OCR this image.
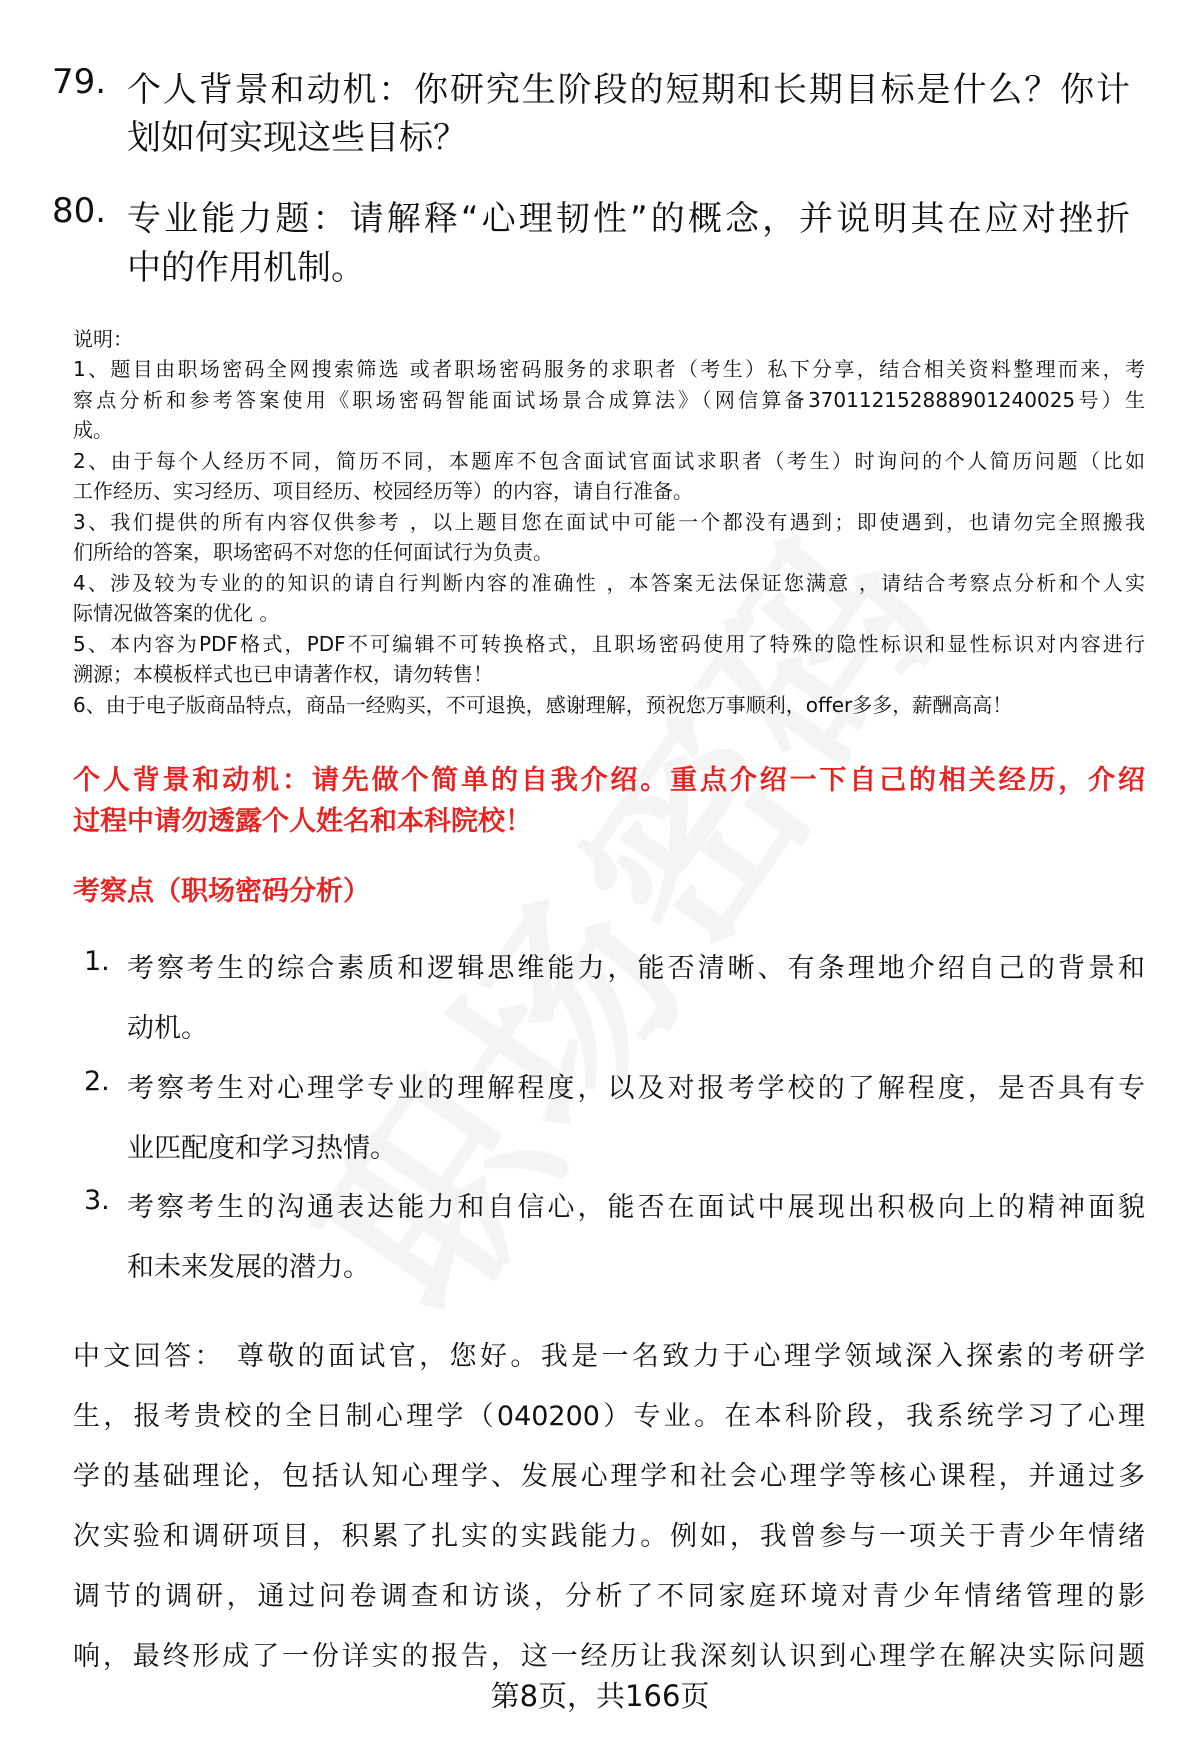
79. 个人背景和动机：你研究生阶段的短期和长期目标是什么？你计
划如何实现这些目标？
80. 专业能力题：请解释“心理韧性”的概念，并说明其在应对挫折
中的作用机制。
说明：
1、题目由职场密码全网搜索筛选 或者职场密码服务的求职者（考生）私下分享，结合相关资料整理而来，考
察点分析和参考答案使用《职场密码智能面试场景合成算法》（网信算备370112152888901240025号）生
成。
2、由于每个人经历不同，简历不同，本题库不包含面试官面试求职者（考生）时询问的个人简历问题（比如
工作经历、实习经历、项目经历、校园经历等）的内容，请自行准备。
3、我们提供的所有内容仅供参考 ，以上题目您在面试中可能一个都没有遇到；即使遇到，也请勿完全照搬我
们所给的答案，职场密码不对您的任何面试行为负责。
4、涉及较为专业的的知识的请自行判断内容的准确性 ，本答案无法保证您满意 ，请结合考察点分析和个人实
际情况做答案的优化 。
5、本内容为PDF格式，PDF不可编辑不可转换格式，且职场密码使用了特殊的隐性标识和显性标识对内容进行
溯源；本模板样式也已申请著作权，请勿转售！
6、由于电子版商品特点，商品一经购买，不可退换，感谢理解，预祝您万事顺利，offer多多，薪酬高高！
个人背景和动机：请先做个简单的自我介绍。重点介绍一下自己的相关经历，介绍
过程中请勿透露个人姓名和本科院校！
考察点（职场密码分析）
1. 考察考生的综合素质和逻辑思维能力，能否清晰、有条理地介绍自己的背景和
动机。
2. 考察考生对心理学专业的理解程度，以及对报考学校的了解程度，是否具有专
业匹配度和学习热情。
3. 考察考生的沟通表达能力和自信心，能否在面试中展现出积极向上的精神面貌
和未来发展的潜力。
中文回答： 尊敬的面试官，您好。我是一名致力于心理学领域深入探索的考研学
生，报考贵校的全日制心理学（040200）专业。在本科阶段，我系统学习了心理
学的基础理论，包括认知心理学、发展心理学和社会心理学等核心课程，并通过多
次实验和调研项目，积累了扎实的实践能力。例如，我曾参与一项关于青少年情绪
调节的调研，通过问卷调查和访谈，分析了不同家庭环境对青少年情绪管理的影
响，最终形成了一份详实的报告，这一经历让我深刻认识到心理学在解决实际问题
第8页，共166页
